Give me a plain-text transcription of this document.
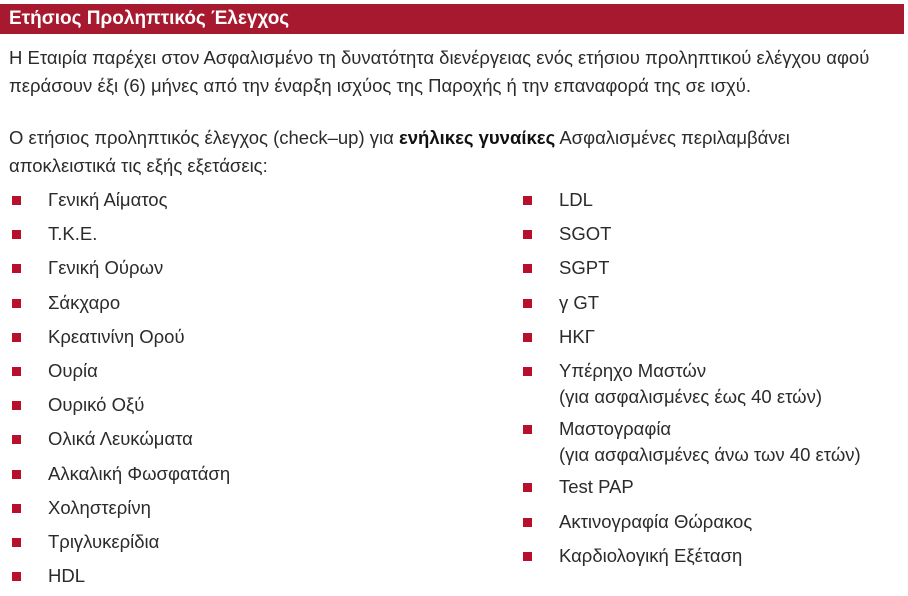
Ετήσιος Προληπτικός Έλεγχος
Η Εταιρία παρέχει στον Ασφαλισμένο τη δυνατότητα διενέργειας ενός ετήσιου προληπτικού ελέγχου αφού περάσουν έξι (6) μήνες από την έναρξη ισχύος της Παροχής ή την επαναφορά της σε ισχύ.
Ο ετήσιος προληπτικός έλεγχος (check–up) για ενήλικες γυναίκες Ασφαλισμένες περιλαμβάνει αποκλειστικά τις εξής εξετάσεις:
Γενική Αίματος
Τ.Κ.Ε.
Γενική Ούρων
Σάκχαρο
Κρεατινίνη Ορού
Ουρία
Ουρικό Οξύ
Ολικά Λευκώματα
Αλκαλική Φωσφατάση
Χοληστερίνη
Τριγλυκερίδια
HDL
LDL
SGOT
SGPT
γ GT
ΗΚΓ
Υπέρηχο Μαστών
(για ασφαλισμένες έως 40 ετών)
Μαστογραφία
(για ασφαλισμένες άνω των 40 ετών)
Test PAP
Ακτινογραφία Θώρακος
Καρδιολογική Εξέταση
